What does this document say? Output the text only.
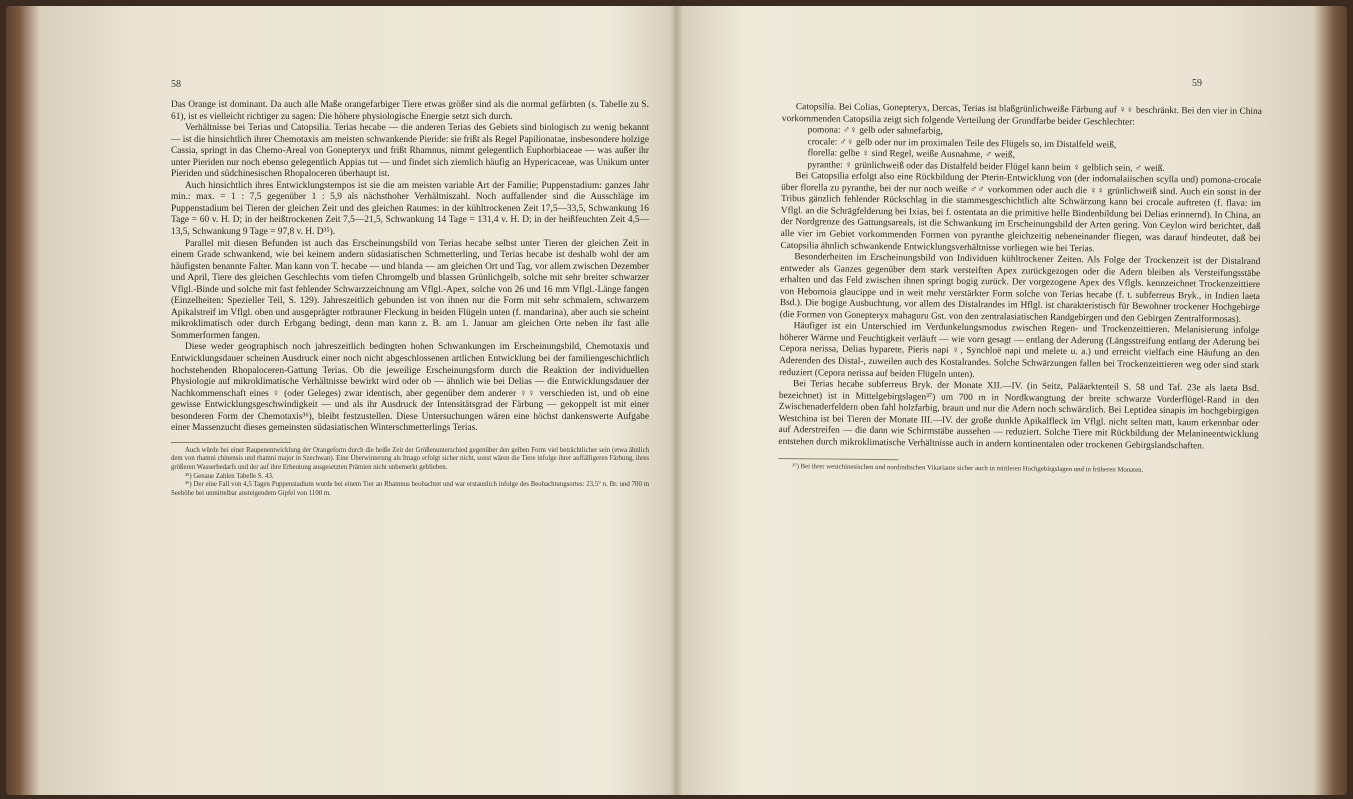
58

Das Orange ist dominant. Da auch alle Maße orangefarbiger Tiere etwas größer sind als die normal gefärbten (s. Tabelle zu S. 61), ist es vielleicht richtiger zu sagen: Die höhere physiologische Energie setzt sich durch.

Verhältnisse bei Terias und Catopsilia. Terias hecabe — die anderen Terias des Gebiets sind biologisch zu wenig bekannt — ist die hinsichtlich ihrer Chemotaxis am meisten schwankende Pieride: sie frißt als Regel Papilionatae, insbesondere holzige Cassia, springt in das Chemo-Areal von Gonepteryx und frißt Rhamnus, nimmt gelegentlich Euphorbiaceae — was außer ihr unter Pieriden nur noch ebenso gelegentlich Appias tut — und findet sich ziemlich häufig an Hypericaceae, was Unikum unter Pieriden und südchinesischen Rhopaloceren überhaupt ist.

Auch hinsichtlich ihres Entwicklungstempos ist sie die am meisten variable Art der Familie; Puppenstadium: ganzes Jahr min.: max. = 1 : 7,5 gegenüber 1 : 5,9 als nächsthoher Verhältniszahl. Noch auffallender sind die Ausschläge im Puppenstadium bei Tieren der gleichen Zeit und des gleichen Raumes: in der kühltrockenen Zeit 17,5—33,5, Schwankung 16 Tage = 60 v. H. D; in der heißtrockenen Zeit 7,5—21,5, Schwankung 14 Tage = 131,4 v. H. D; in der heißfeuchten Zeit 4,5—13,5, Schwankung 9 Tage = 97,8 v. H. D³⁵).

Parallel mit diesen Befunden ist auch das Erscheinungsbild von Terias hecabe selbst unter Tieren der gleichen Zeit in einem Grade schwankend, wie bei keinem andern südasiatischen Schmetterling, und Terias hecabe ist deshalb wohl der am häufigsten benannte Falter. Man kann von T. hecabe — und blanda — am gleichen Ort und Tag, vor allem zwischen Dezember und April, Tiere des gleichen Geschlechts vom tiefen Chromgelb und blassen Grünlichgelb, solche mit sehr breiter schwarzer Vflgl.-Binde und solche mit fast fehlender Schwarzzeichnung am Vflgl.-Apex, solche von 26 und 16 mm Vflgl.-Länge fangen (Einzelheiten: Spezieller Teil, S. 129). Jahreszeitlich gebunden ist von ihnen nur die Form mit sehr schmalem, schwarzem Apikalstreif im Vflgl. oben und ausgeprägter rotbrauner Fleckung in beiden Flügeln unten (f. mandarina), aber auch sie scheint mikroklimatisch oder durch Erbgang bedingt, denn man kann z. B. am 1. Januar am gleichen Orte neben ihr fast alle Sommerformen fangen.

Diese weder geographisch noch jahreszeitlich bedingten hohen Schwankungen im Erscheinungsbild, Chemotaxis und Entwicklungsdauer scheinen Ausdruck einer noch nicht abgeschlossenen artlichen Entwicklung bei der familiengeschichtlich hochstehenden Rhopaloceren-Gattung Terias. Ob die jeweilige Erscheinungsform durch die Reaktion der individuellen Physiologie auf mikroklimatische Verhältnisse bewirkt wird oder ob — ähnlich wie bei Delias — die Entwicklungsdauer der Nachkommenschaft eines ♀ (oder Geleges) zwar identisch, aber gegenüber dem anderer ♀♀ verschieden ist, und ob eine gewisse Entwicklungsgeschwindigkeit — und als ihr Ausdruck der Intensitätsgrad der Färbung — gekoppelt ist mit einer besonderen Form der Chemotaxis³⁶), bleibt festzustellen. Diese Untersuchungen wären eine höchst dankenswerte Aufgabe einer Massenzucht dieses gemeinsten südasiatischen Winterschmetterlings Terias.

Auch würde bei einer Raupenentwicklung der Orangeform durch die heiße Zeit der Größenunterschied gegenüber den gelben Form viel beträchtlicher sein (etwa ähnlich dem von rhamni chinensis und rhamni major in Szechwan). Eine Überwinterung als Imago erfolgt sicher nicht, sonst wären die Tiere infolge ihrer auffälligeren Färbung, ihres größeren Wasserbedarfs und der auf ihre Erbeutung ausgesetzten Prämien nicht unbemerkt geblieben.

³⁵) Genaue Zahlen Tabelle S. 43.

³⁶) Der eine Fall von 4,5 Tagen Puppenstadium wurde bei einem Tier an Rhamnus beobachtet und war erstaunlich infolge des Beobachtungsortes: 23,5° n. Br. und 700 m Seehöhe bei unmittelbar ansteigendem Gipfel von 1100 m.

59

Catopsilia. Bei Colias, Gonepteryx, Dercas, Terias ist blaßgrünlichweiße Färbung auf ♀♀ beschränkt. Bei den vier in China vorkommenden Catopsilia zeigt sich folgende Verteilung der Grundfarbe beider Geschlechter:

pomona: ♂♀ gelb oder sahnefarbig,

crocale: ♂♀ gelb oder nur im proximalen Teile des Flügels so, im Distalfeld weiß,

florella: gelbe ♀ sind Regel, weiße Ausnahme, ♂ weiß,

pyranthe: ♀ grünlichweiß oder das Distalfeld beider Flügel kann beim ♀ gelblich sein, ♂ weiß.

Bei Catopsilia erfolgt also eine Rückbildung der Pterin-Entwicklung von (der indomalaiischen scylla und) pomona-crocale über florella zu pyranthe, bei der nur noch weiße ♂♂ vorkommen oder auch die ♀♀ grünlichweiß sind. Auch ein sonst in der Tribus gänzlich fehlender Rückschlag in die stammesgeschichtlich alte Schwärzung kann bei crocale auftreten (f. flava: im Vflgl. an die Schrägfelderung bei Ixias, bei f. ostentata an die primitive helle Bindenbildung bei Delias erinnernd). In China, an der Nordgrenze des Gattungsareals, ist die Schwankung im Erscheinungsbild der Arten gering. Von Ceylon wird berichtet, daß alle vier im Gebiet vorkommenden Formen von pyranthe gleichzeitig nebeneinander fliegen, was darauf hindeutet, daß bei Catopsilia ähnlich schwankende Entwicklungsverhältnisse vorliegen wie bei Terias.

Besonderheiten im Erscheinungsbild von Individuen kühltrockener Zeiten. Als Folge der Trockenzeit ist der Distalrand entweder als Ganzes gegenüber dem stark versteiften Apex zurückgezogen oder die Adern bleiben als Versteifungsstäbe erhalten und das Feld zwischen ihnen springt bogig zurück. Der vorgezogene Apex des Vflgls. kennzeichnet Trockenzeittiere von Hebomoia glaucippe und in weit mehr verstärkter Form solche von Terias hecabe (f. t. subferreus Bryk., in Indien laeta Bsd.). Die bogige Ausbuchtung, vor allem des Distalrandes im Hflgl. ist charakteristisch für Bewohner trockener Hochgebirge (die Formen von Gonepteryx mahaguru Gst. von den zentralasiatischen Randgebirgen und den Gebirgen Zentralformosas).

Häufiger ist ein Unterschied im Verdunkelungsmodus zwischen Regen- und Trockenzeittieren. Melanisierung infolge höherer Wärme und Feuchtigkeit verläuft — wie vorn gesagt — entlang der Aderung (Längsstreifung entlang der Aderung bei Cepora nerissa, Delias hyparete, Pieris napi ♀, Synchloë napi und melete u. a.) und erreicht vielfach eine Häufung an den Aderenden des Distal-, zuweilen auch des Kostalrandes. Solche Schwärzungen fallen bei Trockenzeittieren weg oder sind stark reduziert (Cepora nerissa auf beiden Flügeln unten).

Bei Terias hecabe subferreus Bryk. der Monate XII.—IV. (in Seitz, Paläarktenteil S. 58 und Taf. 23e als laeta Bsd. bezeichnet) ist in Mittelgebirgslagen³⁷) um 700 m in Nordkwangtung der breite schwarze Vorderflügel-Rand in den Zwischenaderfeldern oben fahl holzfarbig, braun und nur die Adern noch schwärzlich. Bei Leptidea sinapis im hochgebirgigen Westchina ist bei Tieren der Monate III.—IV. der große dunkle Apikalfleck im Vflgl. nicht selten matt, kaum erkennbar oder auf Aderstreifen — die dann wie Schirmstäbe aussehen — reduziert. Solche Tiere mit Rückbildung der Melanineentwicklung entstehen durch mikroklimatische Verhältnisse auch in andern kontinentalen oder trockenen Gebirgslandschaften.

³⁷) Bei ihrer westchinesischen und nordindischen Vikariante sicher auch in mittleren Hochgebirgslagen und in früheren Monaten.
